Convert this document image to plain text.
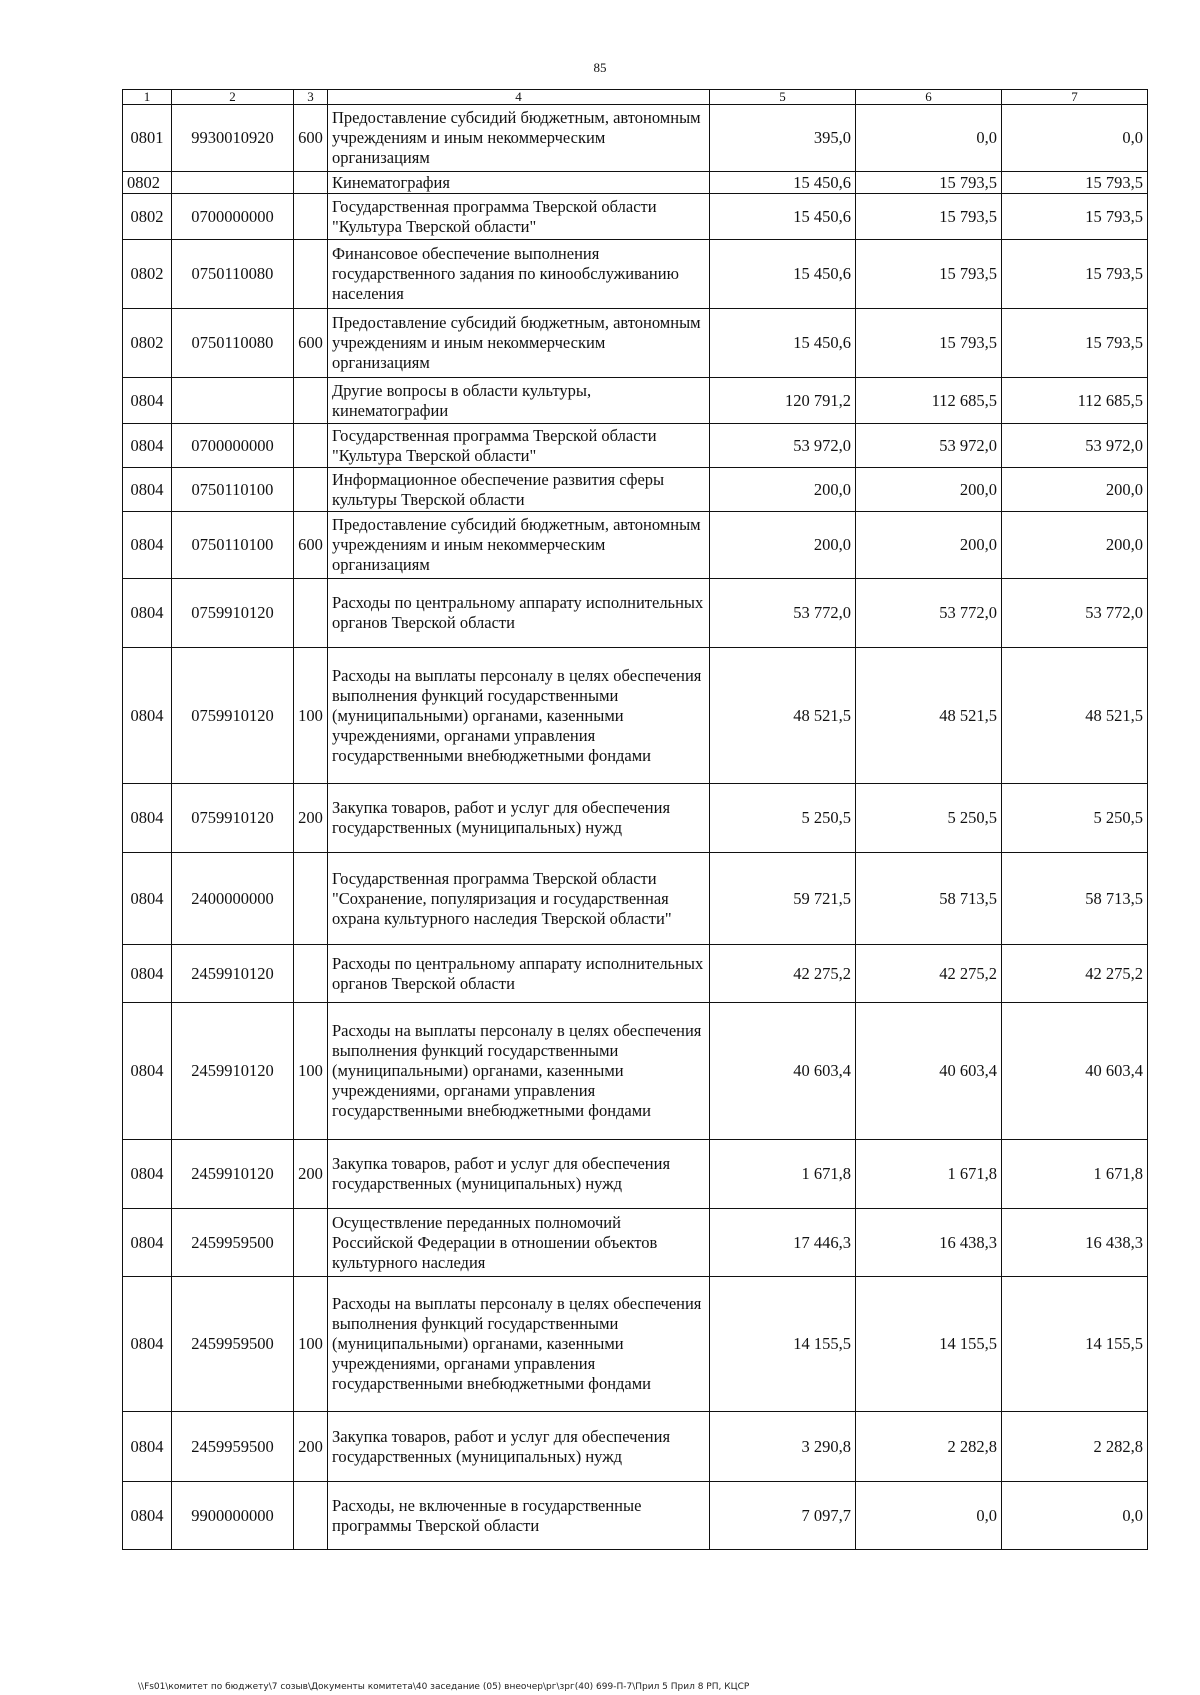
85
1	2	3	4	5	6	7
0801	9930010920	600	Предоставление субсидий бюджетным, автономным учреждениям и иным некоммерческим организациям	395,0	0,0	0,0
0802			Кинематография	15 450,6	15 793,5	15 793,5
0802	0700000000		Государственная программа Тверской области "Культура Тверской области"	15 450,6	15 793,5	15 793,5
0802	0750110080		Финансовое обеспечение выполнения государственного задания по кинообслуживанию населения	15 450,6	15 793,5	15 793,5
0802	0750110080	600	Предоставление субсидий бюджетным, автономным учреждениям и иным некоммерческим организациям	15 450,6	15 793,5	15 793,5
0804			Другие вопросы в области культуры, кинематографии	120 791,2	112 685,5	112 685,5
0804	0700000000		Государственная программа Тверской области "Культура Тверской области"	53 972,0	53 972,0	53 972,0
0804	0750110100		Информационное обеспечение развития сферы культуры Тверской области	200,0	200,0	200,0
0804	0750110100	600	Предоставление субсидий бюджетным, автономным учреждениям и иным некоммерческим организациям	200,0	200,0	200,0
0804	0759910120		Расходы по центральному аппарату исполнительных органов Тверской области	53 772,0	53 772,0	53 772,0
0804	0759910120	100	Расходы на выплаты персоналу в целях обеспечения выполнения функций государственными (муниципальными) органами, казенными учреждениями, органами управления государственными внебюджетными фондами	48 521,5	48 521,5	48 521,5
0804	0759910120	200	Закупка товаров, работ и услуг для обеспечения государственных (муниципальных) нужд	5 250,5	5 250,5	5 250,5
0804	2400000000		Государственная программа Тверской области "Сохранение, популяризация и государственная охрана культурного наследия Тверской области"	59 721,5	58 713,5	58 713,5
0804	2459910120		Расходы по центральному аппарату исполнительных органов Тверской области	42 275,2	42 275,2	42 275,2
0804	2459910120	100	Расходы на выплаты персоналу в целях обеспечения выполнения функций государственными (муниципальными) органами, казенными учреждениями, органами управления государственными внебюджетными фондами	40 603,4	40 603,4	40 603,4
0804	2459910120	200	Закупка товаров, работ и услуг для обеспечения государственных (муниципальных) нужд	1 671,8	1 671,8	1 671,8
0804	2459959500		Осуществление переданных полномочий Российской Федерации в отношении объектов культурного наследия	17 446,3	16 438,3	16 438,3
0804	2459959500	100	Расходы на выплаты персоналу в целях обеспечения выполнения функций государственными (муниципальными) органами, казенными учреждениями, органами управления государственными внебюджетными фондами	14 155,5	14 155,5	14 155,5
0804	2459959500	200	Закупка товаров, работ и услуг для обеспечения государственных (муниципальных) нужд	3 290,8	2 282,8	2 282,8
0804	9900000000		Расходы, не включенные в государственные программы Тверской области	7 097,7	0,0	0,0
\\Fs01\комитет по бюджету\7 созыв\Документы комитета\40 заседание (05) внеочер\рг\зрг(40) 699-П-7\Прил 5 Прил 8 РП, КЦСР
